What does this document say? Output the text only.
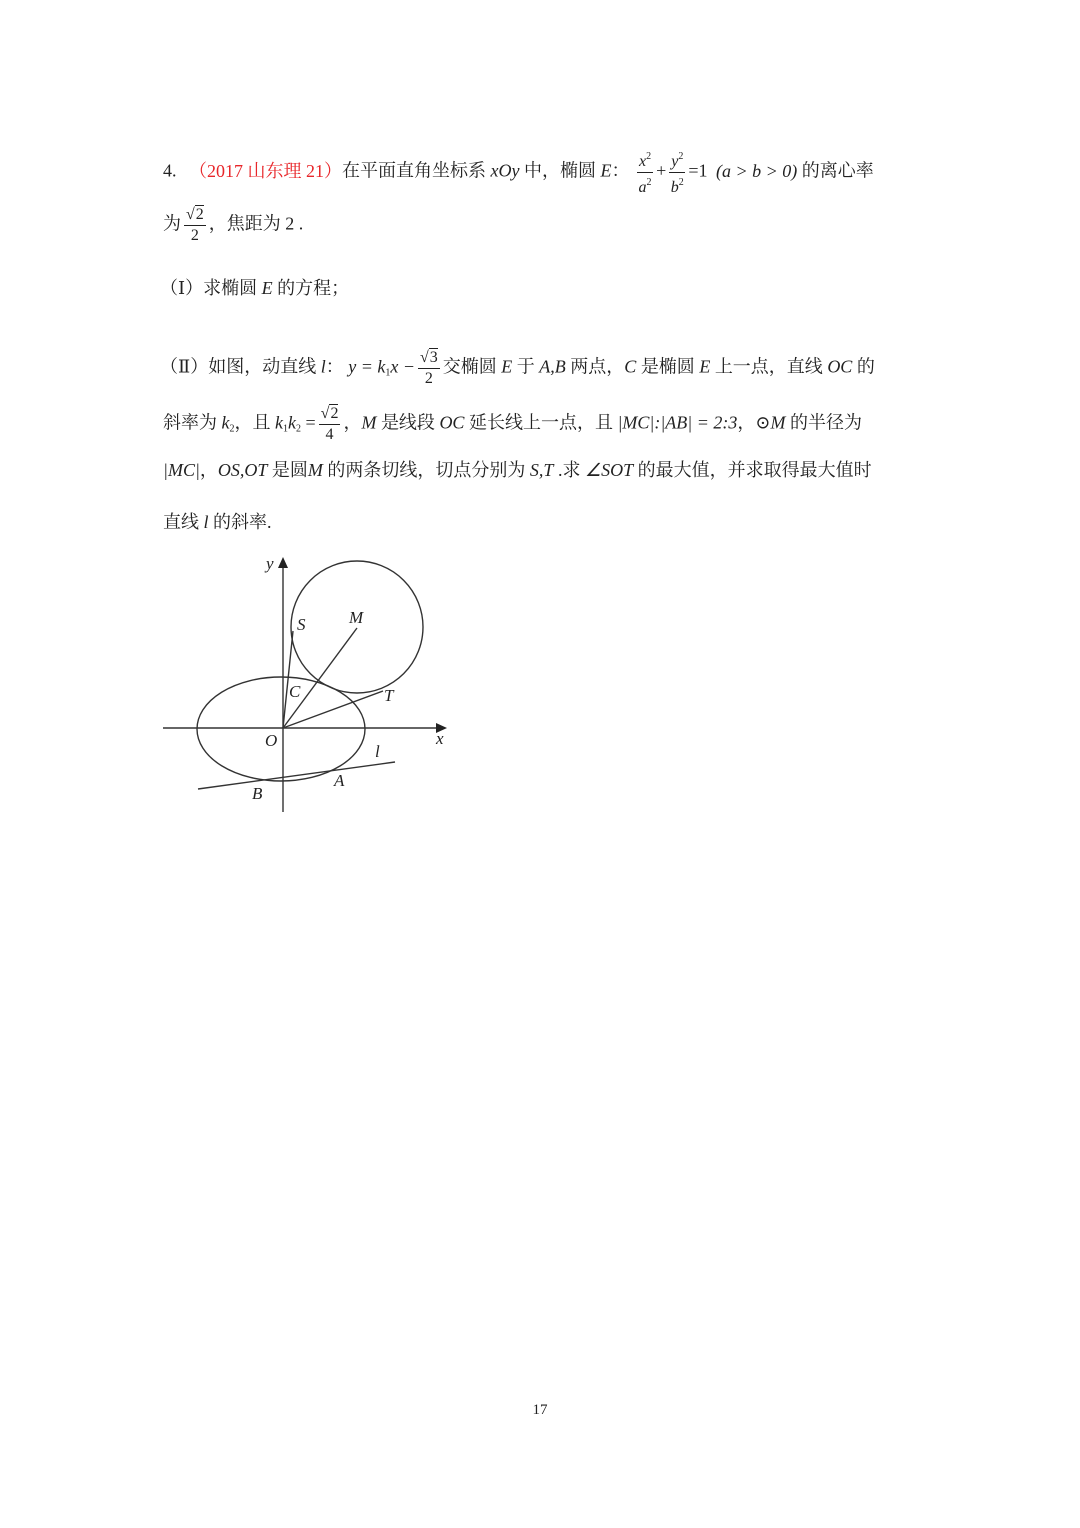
4. （2017 山东理 21）在平面直角坐标系 xOy 中，椭圆 E： $\frac{x^2}{a^2} + \frac{y^2}{b^2} =1$ (a > b > 0) 的离心率
为 $\frac{√2}{2}$ ，焦距为 2 .
（Ⅰ）求椭圆 E 的方程；
（Ⅱ）如图，动直线 l： $y = k_1x - \frac{√3}{2}$ 交椭圆 E 于 A,B 两点，C 是椭圆 E 上一点，直线 OC 的
斜率为 $k_2$，且 $k_1k_2 = \frac{√2}{4}$ ，M 是线段 OC 延长线上一点，且 |MC|:|AB| = 2:3，⊙M 的半径为
|MC|，OS,OT 是圆M 的两条切线，切点分别为 S,T .求 ∠SOT 的最大值，并求取得最大值时
直线 l 的斜率.
y
x
O
S	M
C	T
l
A
B
17
